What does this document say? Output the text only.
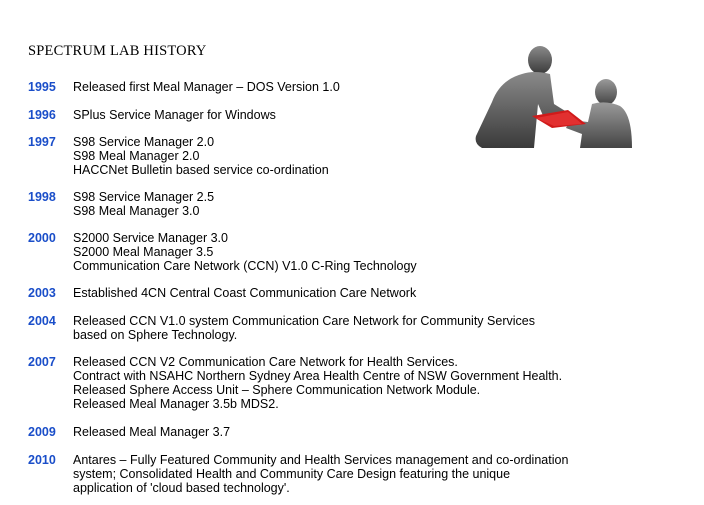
SPECTRUM LAB HISTORY
1995	Released first Meal Manager – DOS Version 1.0
1996	SPlus Service Manager for Windows
1997	S98 Service Manager 2.0
S98 Meal Manager 2.0
HACCNet Bulletin based service co-ordination
1998	S98 Service Manager 2.5
S98 Meal Manager 3.0
2000	S2000 Service Manager 3.0
S2000 Meal Manager 3.5
Communication Care Network (CCN) V1.0 C-Ring Technology
2003	Established 4CN Central Coast Communication Care Network
2004	Released CCN V1.0 system Communication Care Network for Community Services
based on Sphere Technology.
2007	Released CCN V2 Communication Care Network for Health Services.
Contract with NSAHC Northern Sydney Area Health Centre of NSW Government Health.
Released Sphere Access Unit – Sphere Communication Network Module.
Released Meal Manager 3.5b MDS2.
2009	Released Meal Manager 3.7
2010	Antares – Fully Featured Community and Health Services management and co-ordination
system; Consolidated Health and Community Care Design featuring the unique
application of 'cloud based technology'.
